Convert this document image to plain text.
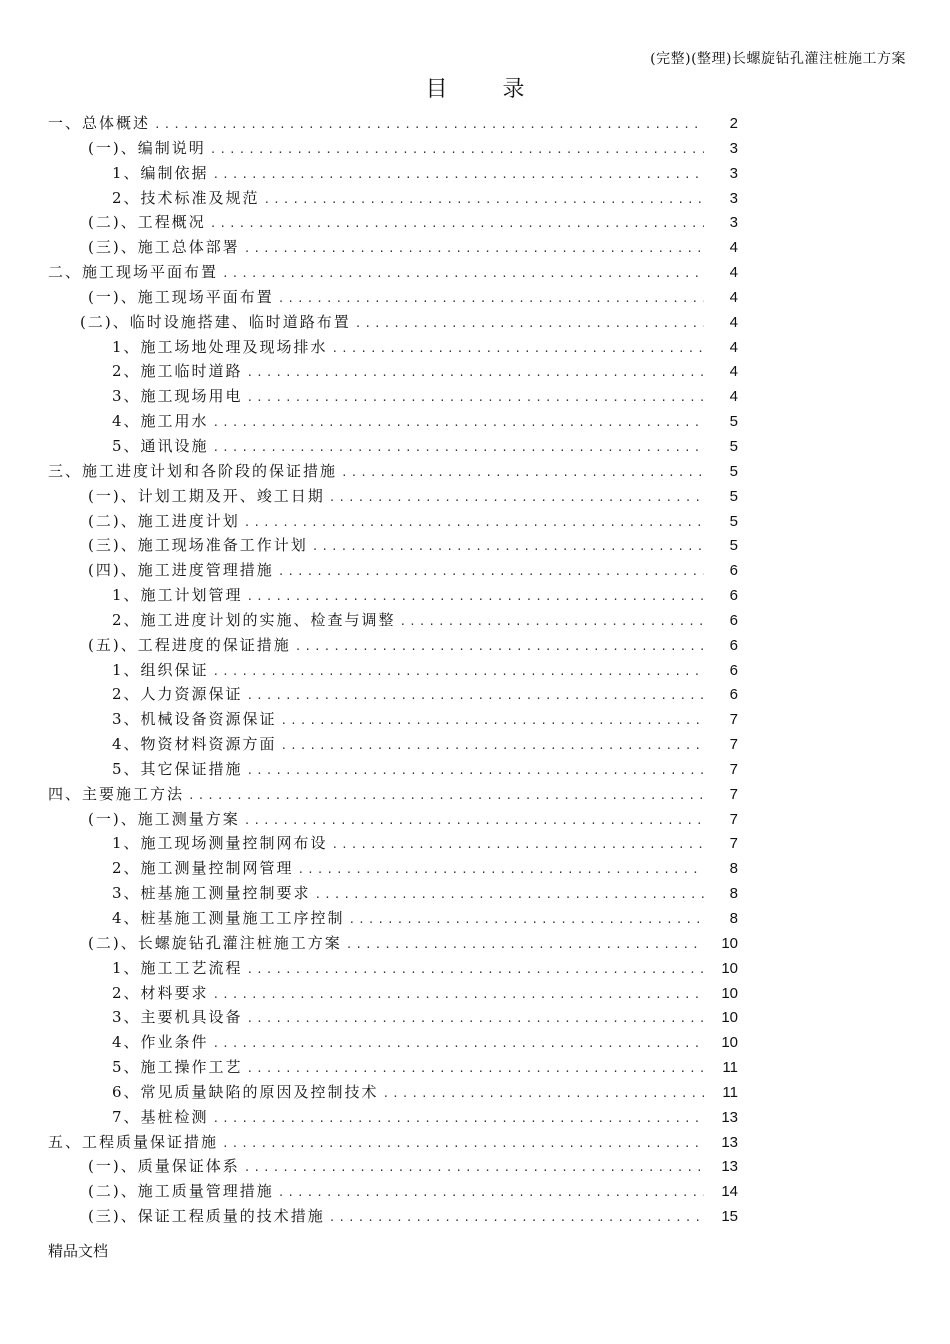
(完整)(整理)长螺旋钻孔灌注桩施工方案
目 录
一、总体概述 .....	2
(一)、编制说明 .....	3
1、编制依据 .....	3
2、技术标准及规范 .....	3
(二)、工程概况 .....	3
(三)、施工总体部署 .....	4
二、施工现场平面布置 .....	4
(一)、施工现场平面布置 .....	4
(二)、临时设施搭建、临时道路布置 .....	4
1、施工场地处理及现场排水 .....	4
2、施工临时道路 .....	4
3、施工现场用电 .....	4
4、施工用水 .....	5
5、通讯设施 .....	5
三、施工进度计划和各阶段的保证措施 .....	5
(一)、计划工期及开、竣工日期 .....	5
(二)、施工进度计划 .....	5
(三)、施工现场准备工作计划 .....	5
(四)、施工进度管理措施 .....	6
1、施工计划管理 .....	6
2、施工进度计划的实施、检查与调整 .....	6
(五)、工程进度的保证措施 .....	6
1、组织保证 .....	6
2、人力资源保证 .....	6
3、机械设备资源保证 .....	7
4、物资材料资源方面 .....	7
5、其它保证措施 .....	7
四、主要施工方法 .....	7
(一)、施工测量方案 .....	7
1、施工现场测量控制网布设 .....	7
2、施工测量控制网管理 .....	8
3、桩基施工测量控制要求 .....	8
4、桩基施工测量施工工序控制 .....	8
(二)、长螺旋钻孔灌注桩施工方案 .....	10
1、施工工艺流程 .....	10
2、材料要求 .....	10
3、主要机具设备 .....	10
4、作业条件 .....	10
5、施工操作工艺 .....	11
6、常见质量缺陷的原因及控制技术 .....	11
7、基桩检测 .....	13
五、工程质量保证措施 .....	13
(一)、质量保证体系 .....	13
(二)、施工质量管理措施 .....	14
(三)、保证工程质量的技术措施 .....	15
精品文档
